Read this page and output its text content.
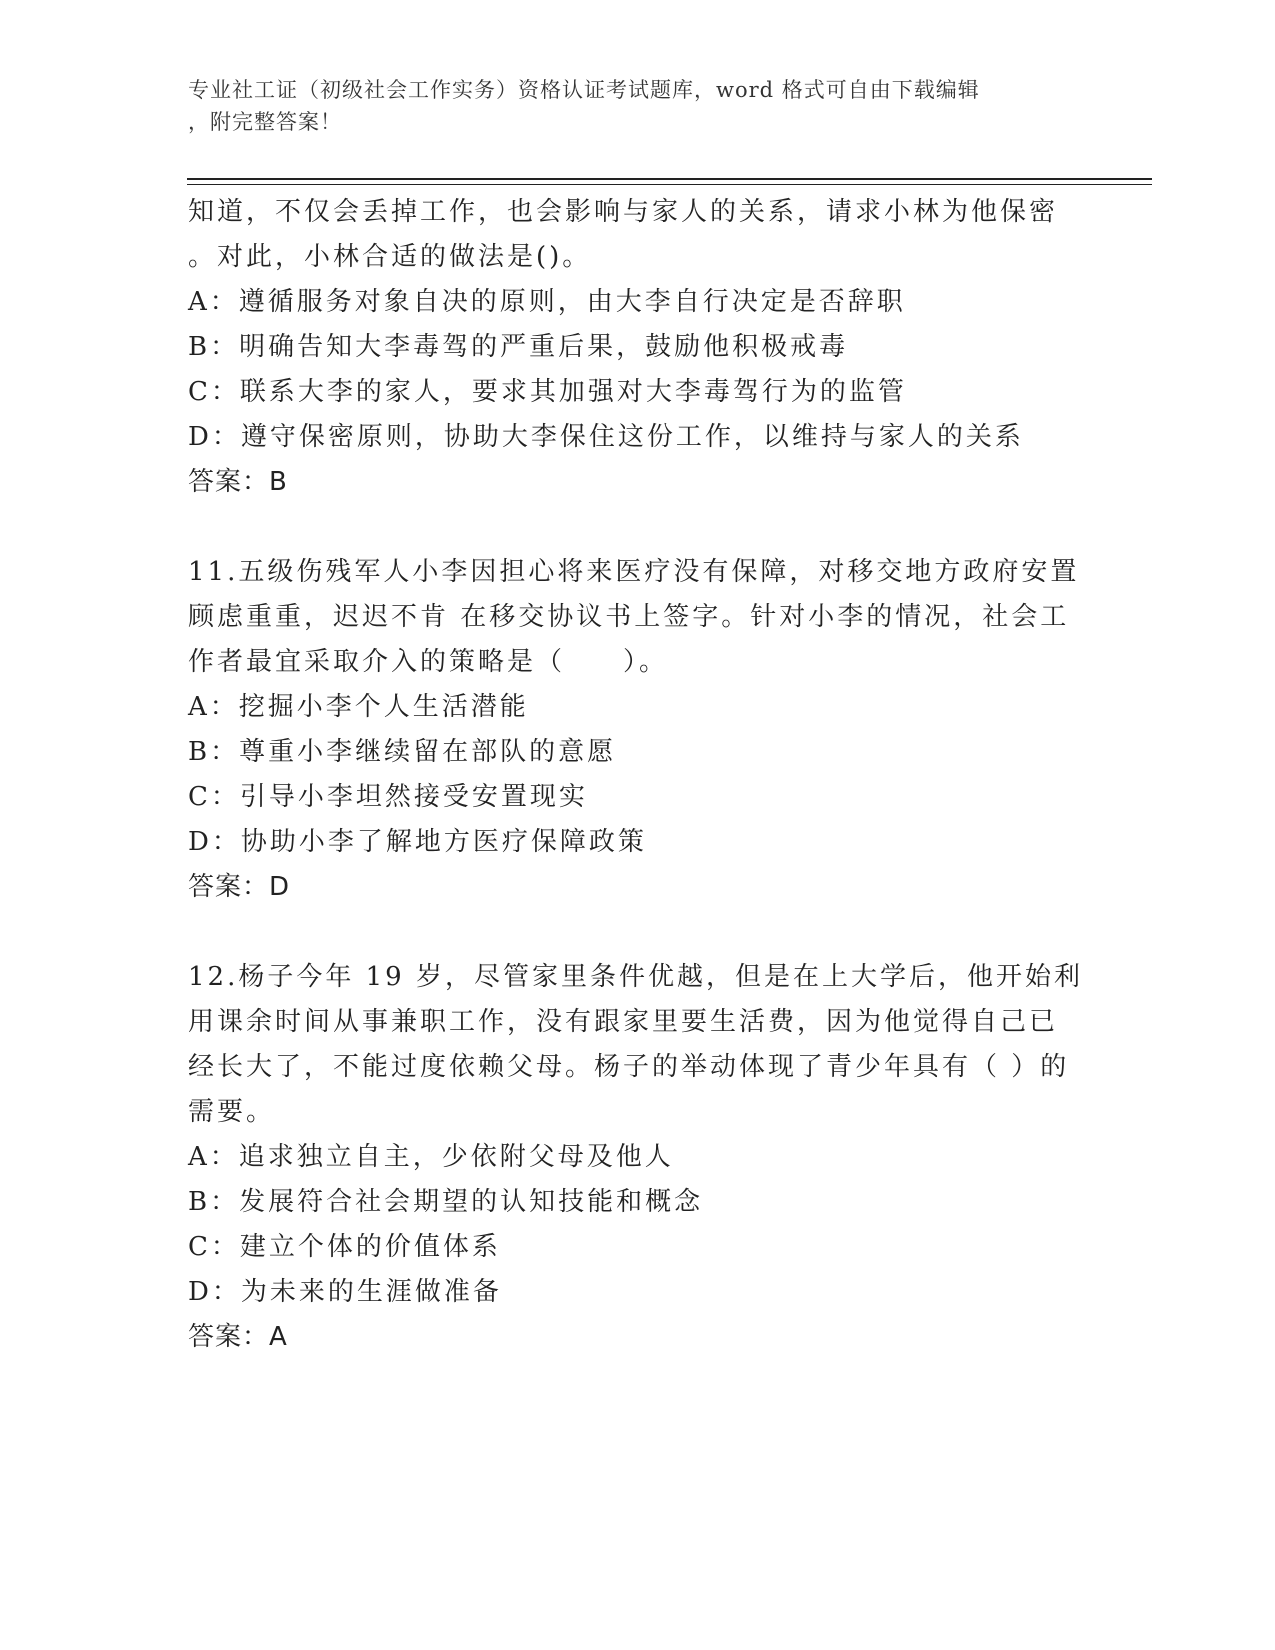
专业社工证（初级社会工作实务）资格认证考试题库，word 格式可自由下载编辑
，附完整答案！
知道，不仅会丢掉工作，也会影响与家人的关系，请求小林为他保密
。对此，小林合适的做法是()。
A：遵循服务对象自决的原则，由大李自行决定是否辞职
B：明确告知大李毒驾的严重后果，鼓励他积极戒毒
C：联系大李的家人，要求其加强对大李毒驾行为的监管
D：遵守保密原则，协助大李保住这份工作，以维持与家人的关系
答案：B
11.五级伤残军人小李因担心将来医疗没有保障，对移交地方政府安置
顾虑重重，迟迟不肯 在移交协议书上签字。针对小李的情况，社会工
作者最宜采取介入的策略是（　　）。
A：挖掘小李个人生活潜能
B：尊重小李继续留在部队的意愿
C：引导小李坦然接受安置现实
D：协助小李了解地方医疗保障政策
答案：D
12.杨子今年 19 岁，尽管家里条件优越，但是在上大学后，他开始利
用课余时间从事兼职工作，没有跟家里要生活费，因为他觉得自己已
经长大了，不能过度依赖父母。杨子的举动体现了青少年具有（ ）的
需要。
A：追求独立自主，少依附父母及他人
B：发展符合社会期望的认知技能和概念
C：建立个体的价值体系
D：为未来的生涯做准备
答案：A
